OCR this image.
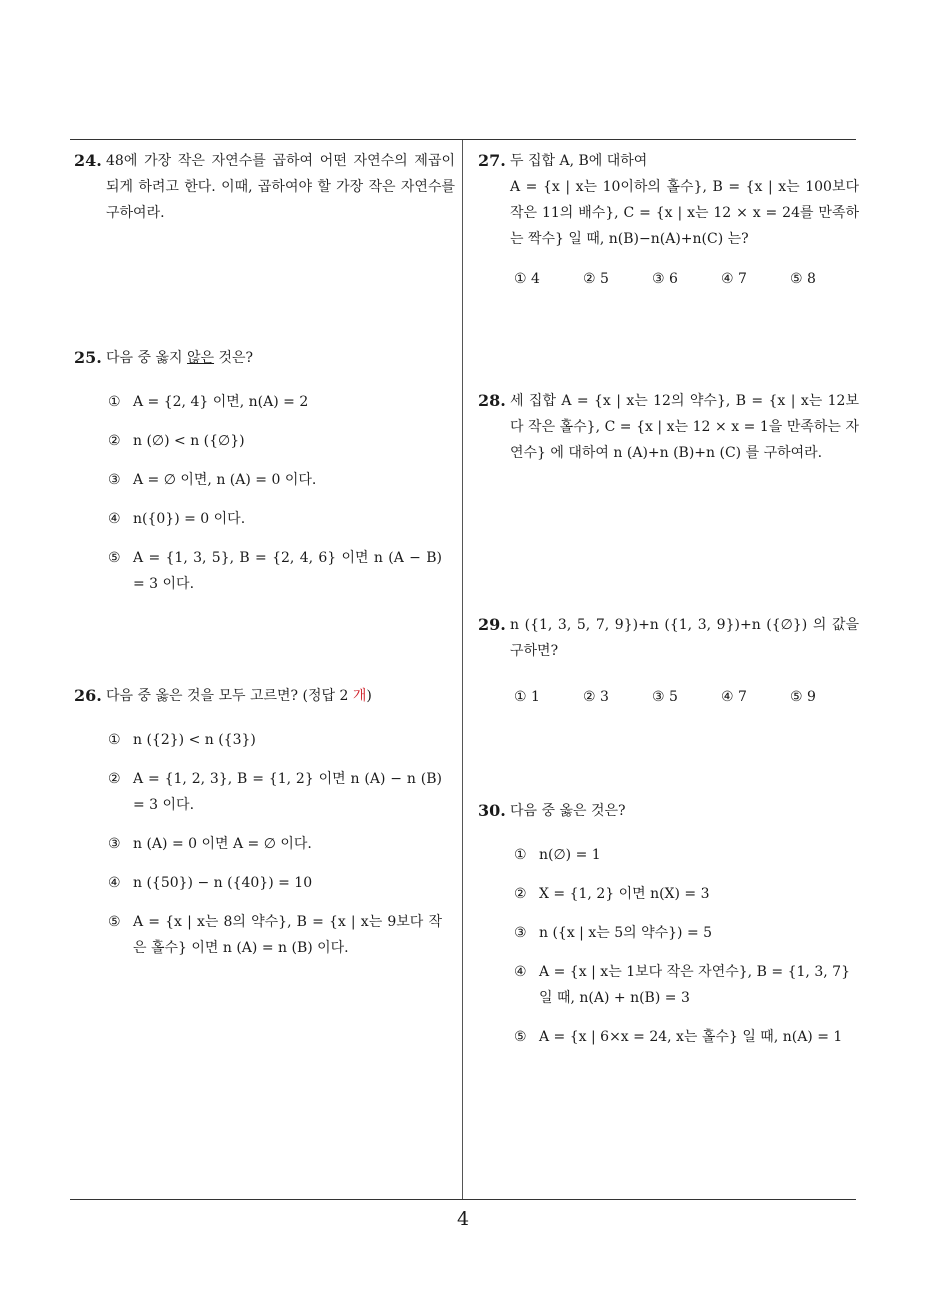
24. 48에 가장 작은 자연수를 곱하여 어떤 자연수의 제곱이 되게 하려고 한다. 이때, 곱하여야 할 가장 작은 자연수를 구하여라.
25. 다음 중 옳지 않은 것은?
① A = {2, 4} 이면, n(A) = 2
② n (∅) < n ({∅})
③ A = ∅ 이면, n (A) = 0 이다.
④ n({0}) = 0 이다.
⑤ A = {1, 3, 5}, B = {2, 4, 6} 이면 n (A − B) = 3 이다.
26. 다음 중 옳은 것을 모두 고르면? (정답 2 개)
① n ({2}) < n ({3})
② A = {1, 2, 3}, B = {1, 2} 이면 n (A) − n (B) = 3 이다.
③ n (A) = 0 이면 A = ∅ 이다.
④ n ({50}) − n ({40}) = 10
⑤ A = {x | x는 8의 약수}, B = {x | x는 9보다 작은 홀수} 이면 n (A) = n (B) 이다.
27. 두 집합 A, B에 대하여
A = {x | x는 10이하의 홀수}, B = {x | x는 100보다 작은 11의 배수}, C = {x | x는 12 × x = 24를 만족하는 짝수} 일 때, n(B)−n(A)+n(C) 는?
① 4	② 5	③ 6	④ 7	⑤ 8
28. 세 집합 A = {x | x는 12의 약수}, B = {x | x는 12보다 작은 홀수}, C = {x | x는 12 × x = 1을 만족하는 자연수} 에 대하여 n (A)+n (B)+n (C) 를 구하여라.
29. n ({1, 3, 5, 7, 9})+n ({1, 3, 9})+n ({∅}) 의 값을 구하면?
① 1	② 3	③ 5	④ 7	⑤ 9
30. 다음 중 옳은 것은?
① n(∅) = 1
② X = {1, 2} 이면 n(X) = 3
③ n ({x | x는 5의 약수}) = 5
④ A = {x | x는 1보다 작은 자연수}, B = {1, 3, 7} 일 때, n(A) + n(B) = 3
⑤ A = {x | 6×x = 24, x는 홀수} 일 때, n(A) = 1
4
